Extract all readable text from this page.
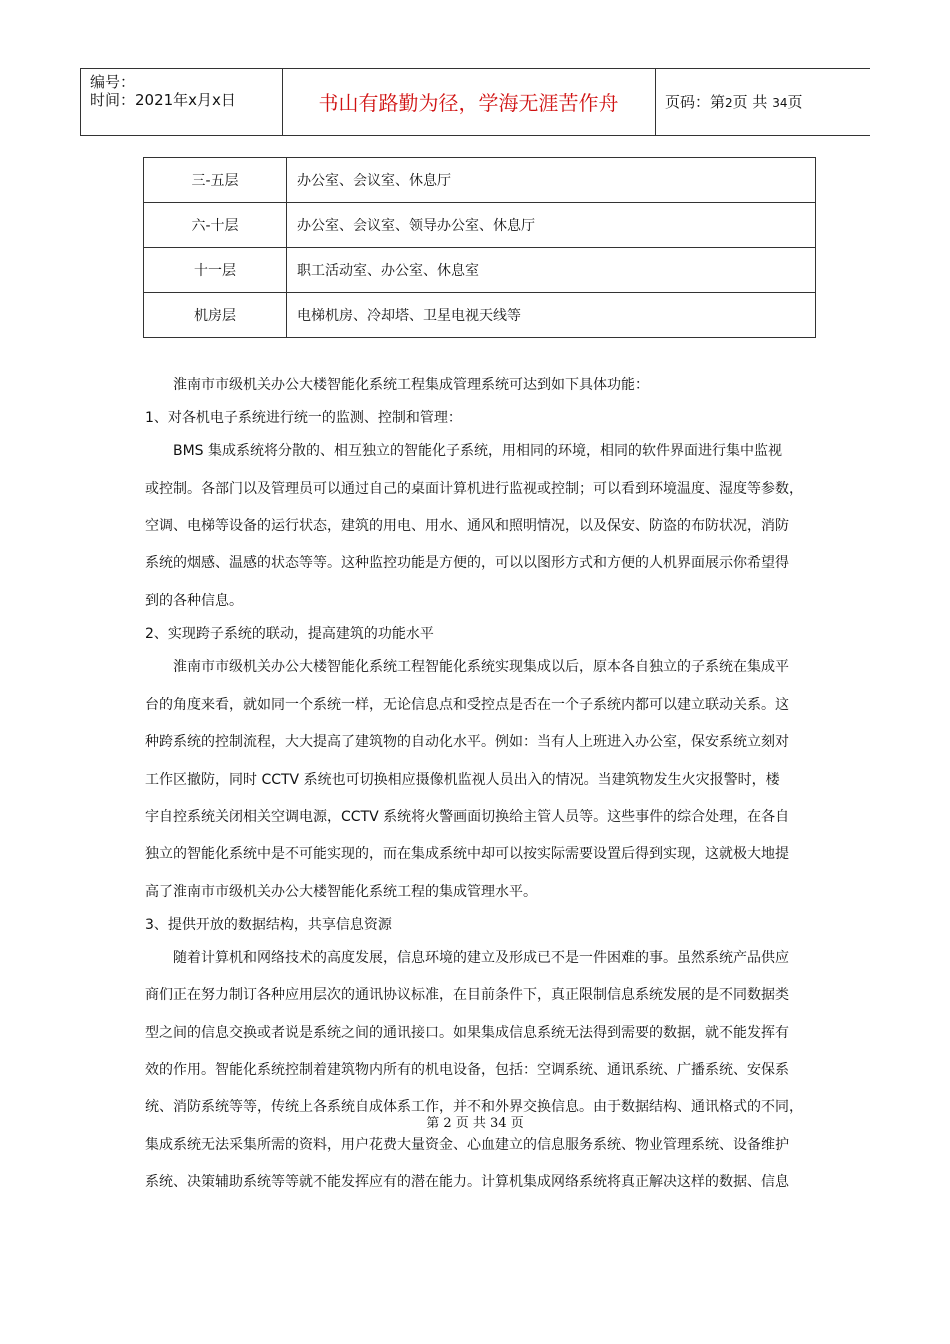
编号：
时间：2021年x月x日	书山有路勤为径，学海无涯苦作舟	页码：第2页 共 34页
三-五层	办公室、会议室、休息厅
六-十层	办公室、会议室、领导办公室、休息厅
十一层	职工活动室、办公室、休息室
机房层	电梯机房、冷却塔、卫星电视天线等
淮南市市级机关办公大楼智能化系统工程集成管理系统可达到如下具体功能：
1、对各机电子系统进行统一的监测、控制和管理：
BMS 集成系统将分散的、相互独立的智能化子系统，用相同的环境，相同的软件界面进行集中监视
或控制。各部门以及管理员可以通过自己的桌面计算机进行监视或控制；可以看到环境温度、湿度等参数，
空调、电梯等设备的运行状态，建筑的用电、用水、通风和照明情况，以及保安、防盗的布防状况，消防
系统的烟感、温感的状态等等。这种监控功能是方便的，可以以图形方式和方便的人机界面展示你希望得
到的各种信息。
2、实现跨子系统的联动，提高建筑的功能水平
淮南市市级机关办公大楼智能化系统工程智能化系统实现集成以后，原本各自独立的子系统在集成平
台的角度来看，就如同一个系统一样，无论信息点和受控点是否在一个子系统内都可以建立联动关系。这
种跨系统的控制流程，大大提高了建筑物的自动化水平。例如：当有人上班进入办公室，保安系统立刻对
工作区撤防，同时 CCTV 系统也可切换相应摄像机监视人员出入的情况。当建筑物发生火灾报警时，楼
宇自控系统关闭相关空调电源，CCTV 系统将火警画面切换给主管人员等。这些事件的综合处理，在各自
独立的智能化系统中是不可能实现的，而在集成系统中却可以按实际需要设置后得到实现，这就极大地提
高了淮南市市级机关办公大楼智能化系统工程的集成管理水平。
3、提供开放的数据结构，共享信息资源
随着计算机和网络技术的高度发展，信息环境的建立及形成已不是一件困难的事。虽然系统产品供应
商们正在努力制订各种应用层次的通讯协议标准，在目前条件下，真正限制信息系统发展的是不同数据类
型之间的信息交换或者说是系统之间的通讯接口。如果集成信息系统无法得到需要的数据，就不能发挥有
效的作用。智能化系统控制着建筑物内所有的机电设备，包括：空调系统、通讯系统、广播系统、安保系
统、消防系统等等，传统上各系统自成体系工作，并不和外界交换信息。由于数据结构、通讯格式的不同，
集成系统无法采集所需的资料，用户花费大量资金、心血建立的信息服务系统、物业管理系统、设备维护
系统、决策辅助系统等等就不能发挥应有的潜在能力。计算机集成网络系统将真正解决这样的数据、信息
第 2 页 共 34 页
